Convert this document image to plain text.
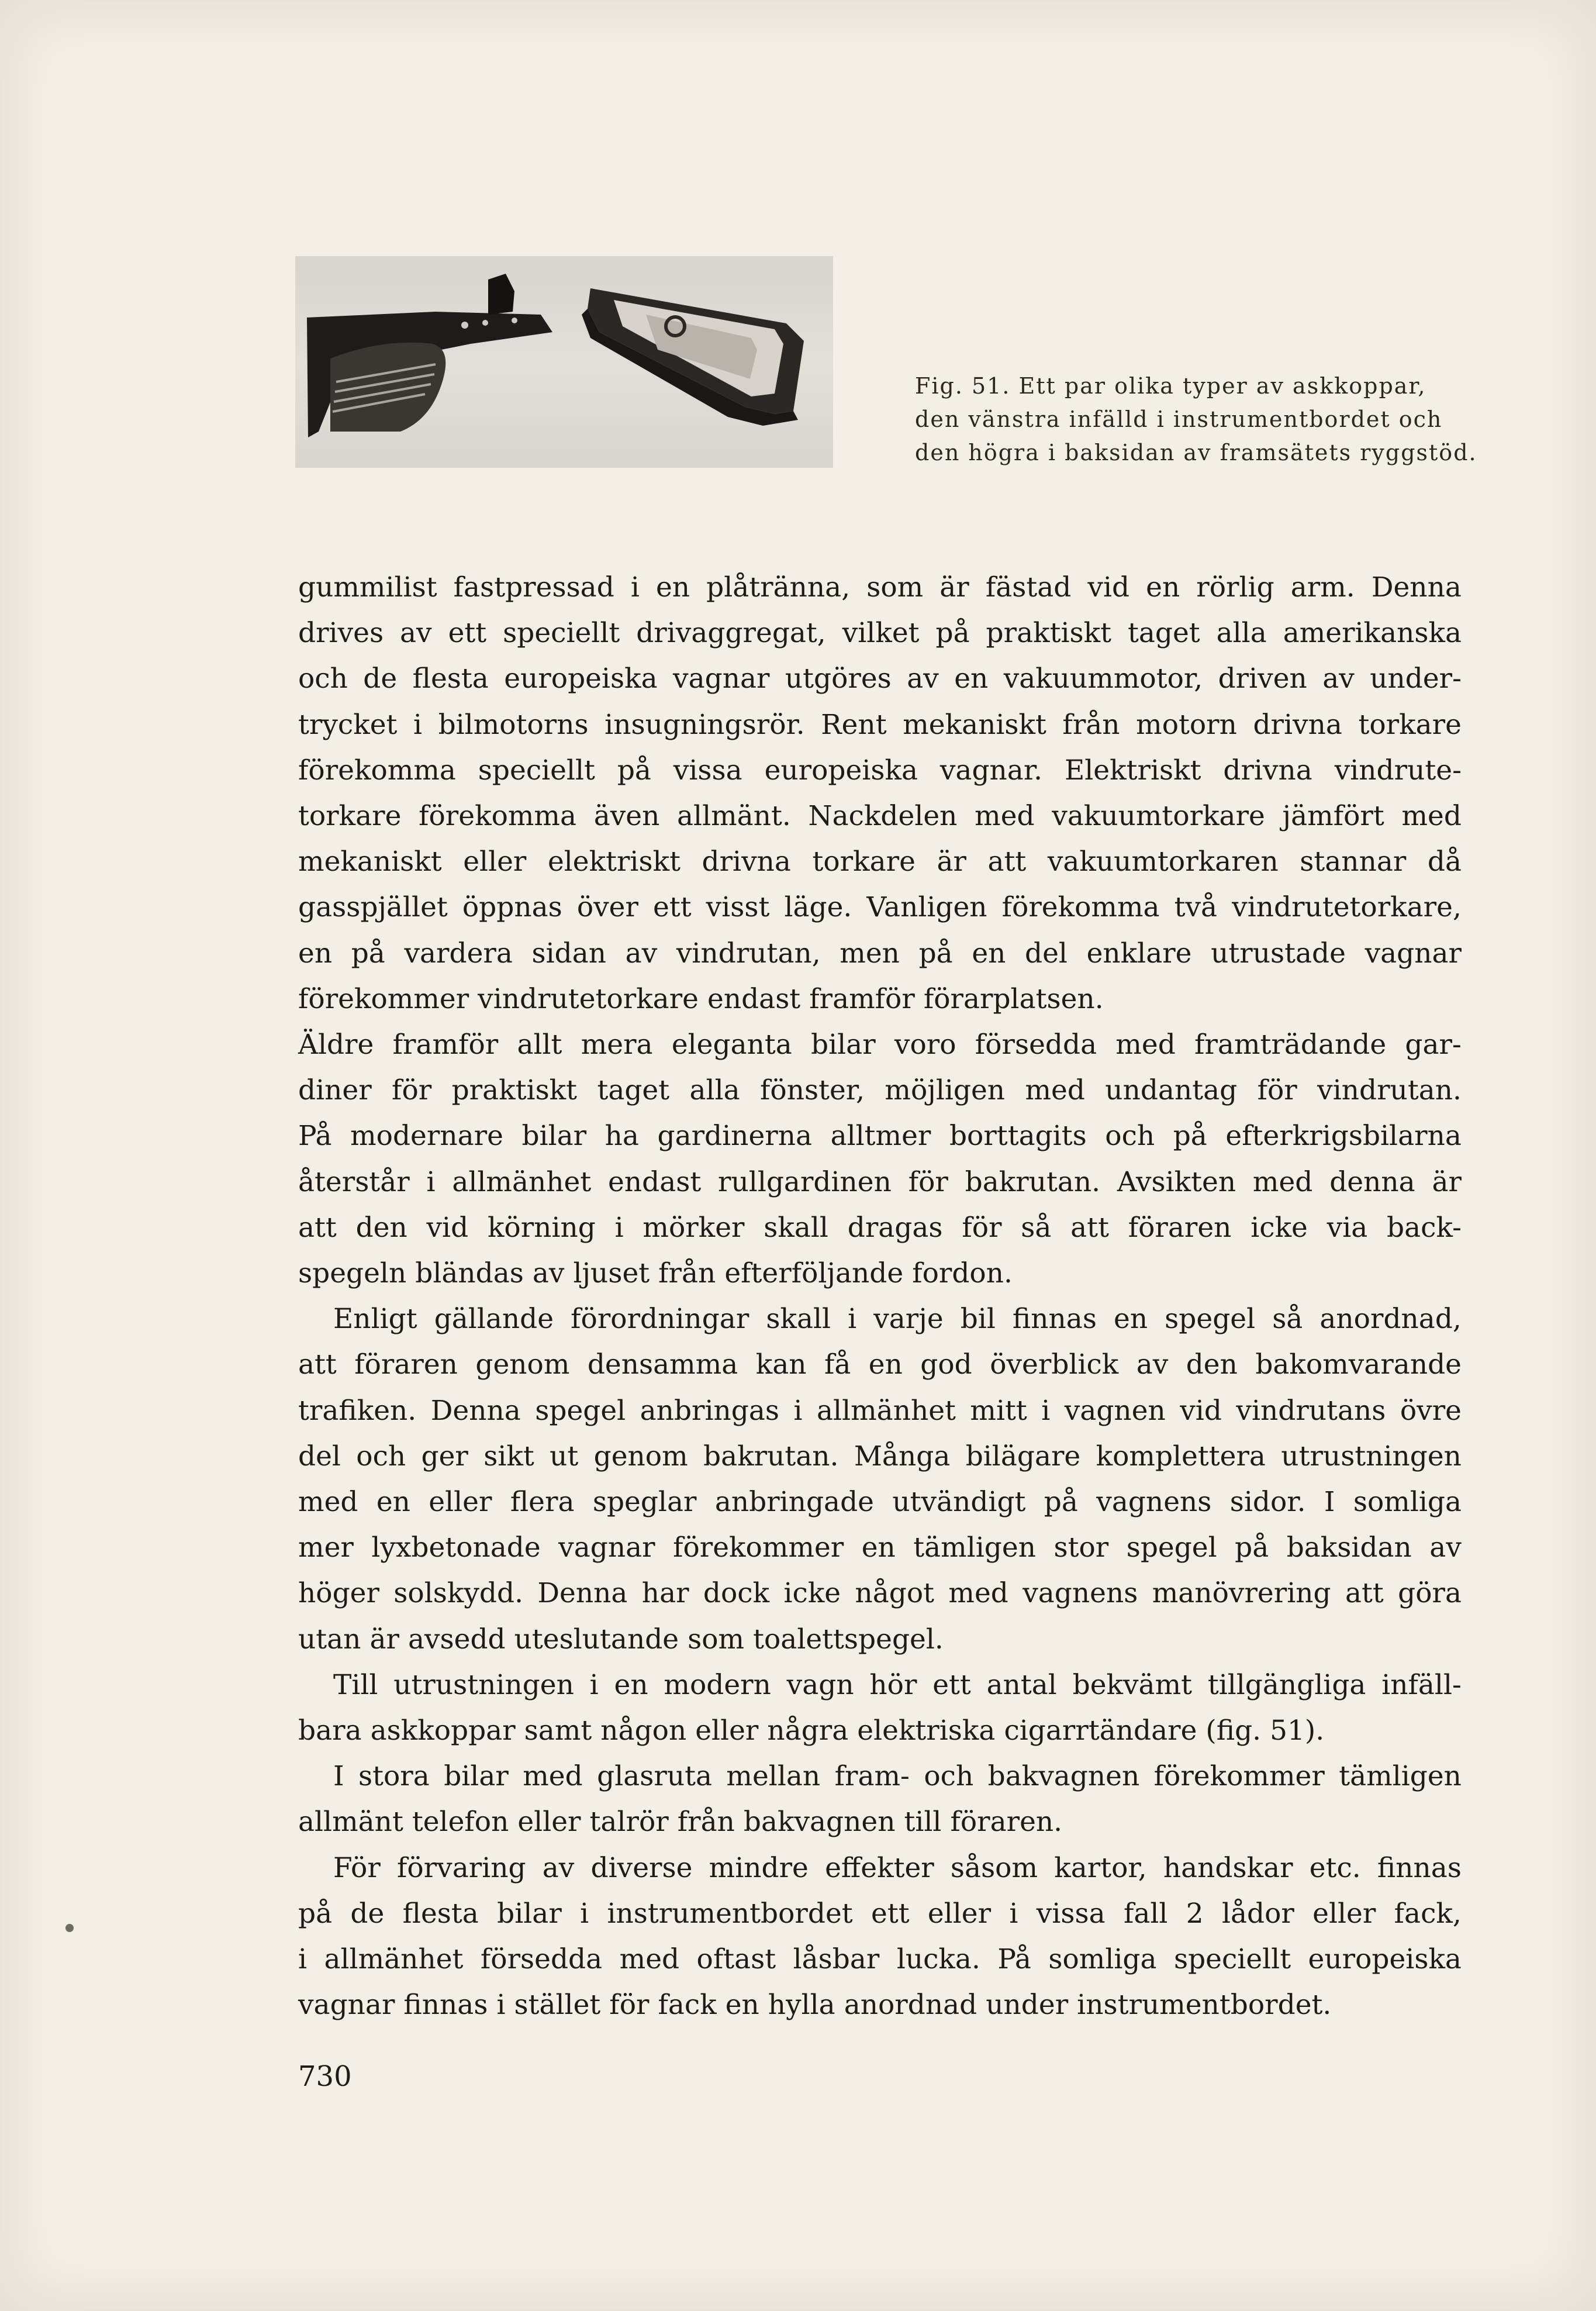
Fig. 51. Ett par olika typer av askkoppar,
den vänstra infälld i instrumentbordet och
den högra i baksidan av framsätets ryggstöd.
gummilist fastpressad i en plåtränna, som är fästad vid en rörlig arm. Denna
drives av ett speciellt drivaggregat, vilket på praktiskt taget alla amerikanska
och de flesta europeiska vagnar utgöres av en vakuummotor, driven av under-
trycket i bilmotorns insugningsrör. Rent mekaniskt från motorn drivna torkare
förekomma speciellt på vissa europeiska vagnar. Elektriskt drivna vindrute-
torkare förekomma även allmänt. Nackdelen med vakuumtorkare jämfört med
mekaniskt eller elektriskt drivna torkare är att vakuumtorkaren stannar då
gasspjället öppnas över ett visst läge. Vanligen förekomma två vindrutetorkare,
en på vardera sidan av vindrutan, men på en del enklare utrustade vagnar
förekommer vindrutetorkare endast framför förarplatsen.
Äldre framför allt mera eleganta bilar voro försedda med framträdande gar-
diner för praktiskt taget alla fönster, möjligen med undantag för vindrutan.
På modernare bilar ha gardinerna alltmer borttagits och på efterkrigsbilarna
återstår i allmänhet endast rullgardinen för bakrutan. Avsikten med denna är
att den vid körning i mörker skall dragas för så att föraren icke via back-
spegeln bländas av ljuset från efterföljande fordon.
Enligt gällande förordningar skall i varje bil finnas en spegel så anordnad,
att föraren genom densamma kan få en god överblick av den bakomvarande
trafiken. Denna spegel anbringas i allmänhet mitt i vagnen vid vindrutans övre
del och ger sikt ut genom bakrutan. Många bilägare komplettera utrustningen
med en eller flera speglar anbringade utvändigt på vagnens sidor. I somliga
mer lyxbetonade vagnar förekommer en tämligen stor spegel på baksidan av
höger solskydd. Denna har dock icke något med vagnens manövrering att göra
utan är avsedd uteslutande som toalettspegel.
Till utrustningen i en modern vagn hör ett antal bekvämt tillgängliga infäll-
bara askkoppar samt någon eller några elektriska cigarrtändare (fig. 51).
I stora bilar med glasruta mellan fram- och bakvagnen förekommer tämligen
allmänt telefon eller talrör från bakvagnen till föraren.
För förvaring av diverse mindre effekter såsom kartor, handskar etc. finnas
på de flesta bilar i instrumentbordet ett eller i vissa fall 2 lådor eller fack,
i allmänhet försedda med oftast låsbar lucka. På somliga speciellt europeiska
vagnar finnas i stället för fack en hylla anordnad under instrumentbordet.
730
